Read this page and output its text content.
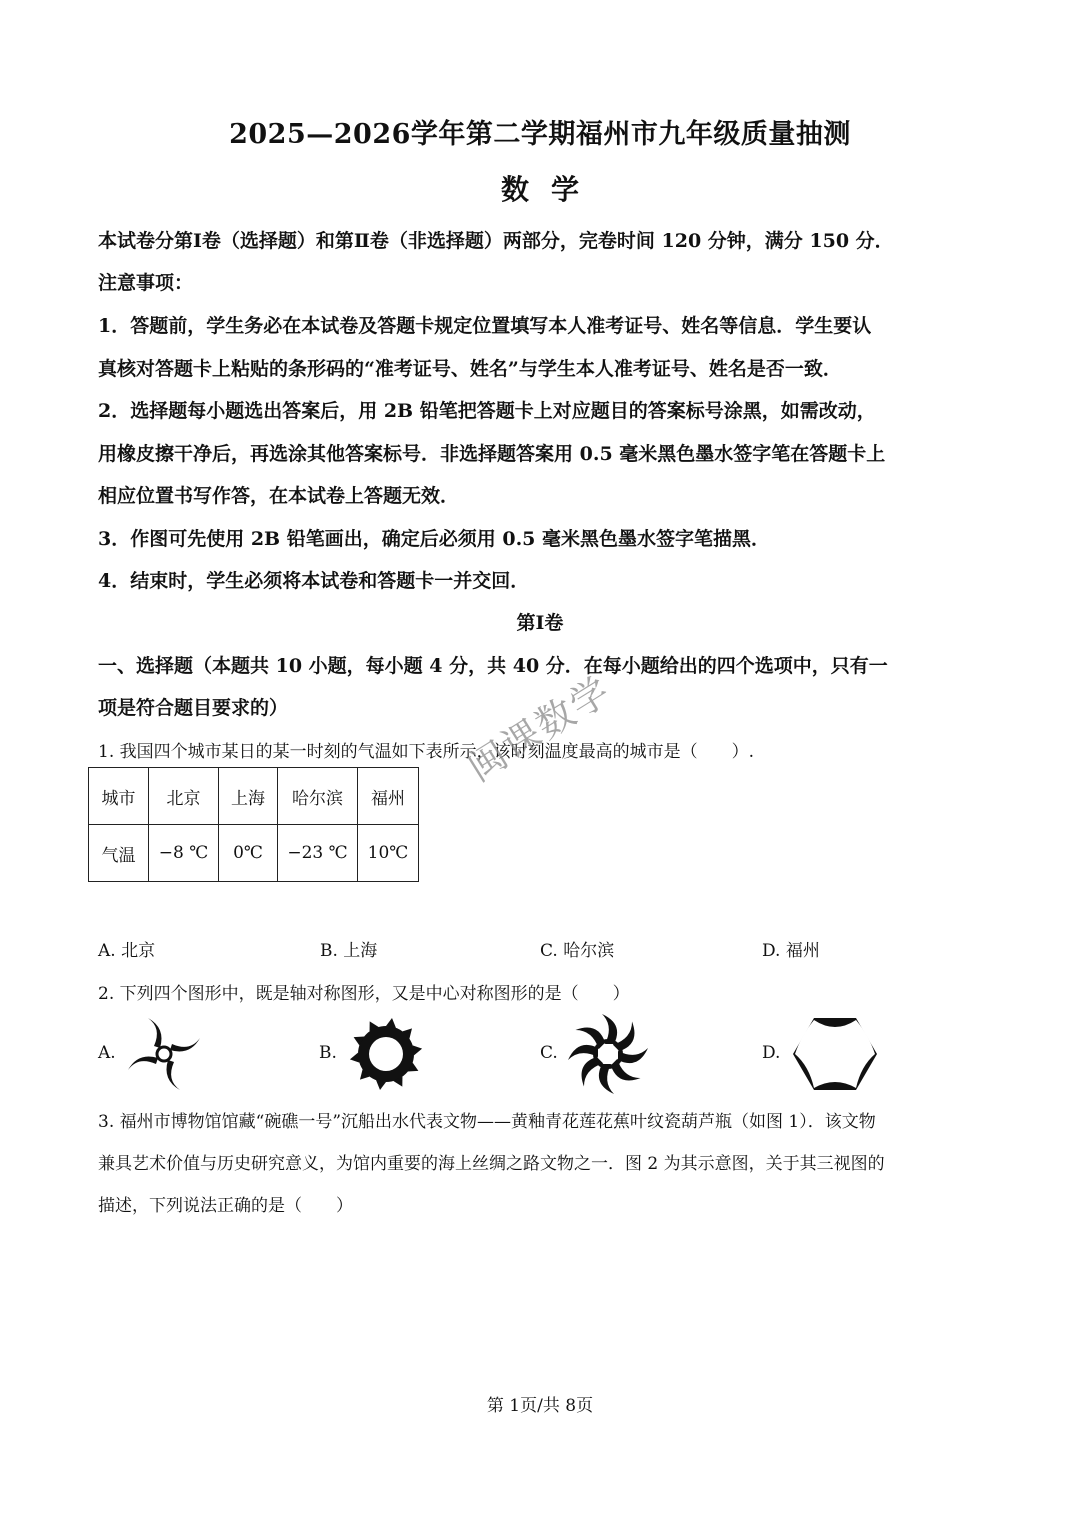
2025—2026学年第二学期福州市九年级质量抽测
数学
本试卷分第Ⅰ卷（选择题）和第Ⅱ卷（非选择题）两部分，完卷时间 120 分钟，满分 150 分．
注意事项：
1．答题前，学生务必在本试卷及答题卡规定位置填写本人准考证号、姓名等信息．学生要认
真核对答题卡上粘贴的条形码的“准考证号、姓名”与学生本人准考证号、姓名是否一致．
2．选择题每小题选出答案后，用 2B 铅笔把答题卡上对应题目的答案标号涂黑，如需改动，
用橡皮擦干净后，再选涂其他答案标号．非选择题答案用 0.5 毫米黑色墨水签字笔在答题卡上
相应位置书写作答，在本试卷上答题无效．
3．作图可先使用 2B 铅笔画出，确定后必须用 0.5 毫米黑色墨水签字笔描黑．
4．结束时，学生必须将本试卷和答题卡一并交回．
第Ⅰ卷
一、选择题（本题共 10 小题，每小题 4 分，共 40 分．在每小题给出的四个选项中，只有一
项是符合题目要求的）
1. 我国四个城市某日的某一时刻的气温如下表所示，该时刻温度最高的城市是（　　）.
城市	北京	上海	哈尔滨	福州
气温	−8 ℃	0℃	−23 ℃	10℃
A. 北京	B. 上海	C. 哈尔滨	D. 福州
2. 下列四个图形中，既是轴对称图形，又是中心对称图形的是（　　）
A.	B.	C.	D.
3. 福州市博物馆馆藏“碗礁一号”沉船出水代表文物——黄釉青花莲花蕉叶纹瓷葫芦瓶（如图 1）．该文物
兼具艺术价值与历史研究意义，为馆内重要的海上丝绸之路文物之一．图 2 为其示意图，关于其三视图的
描述，下列说法正确的是（　　）
闽课数学
第 1页/共 8页
